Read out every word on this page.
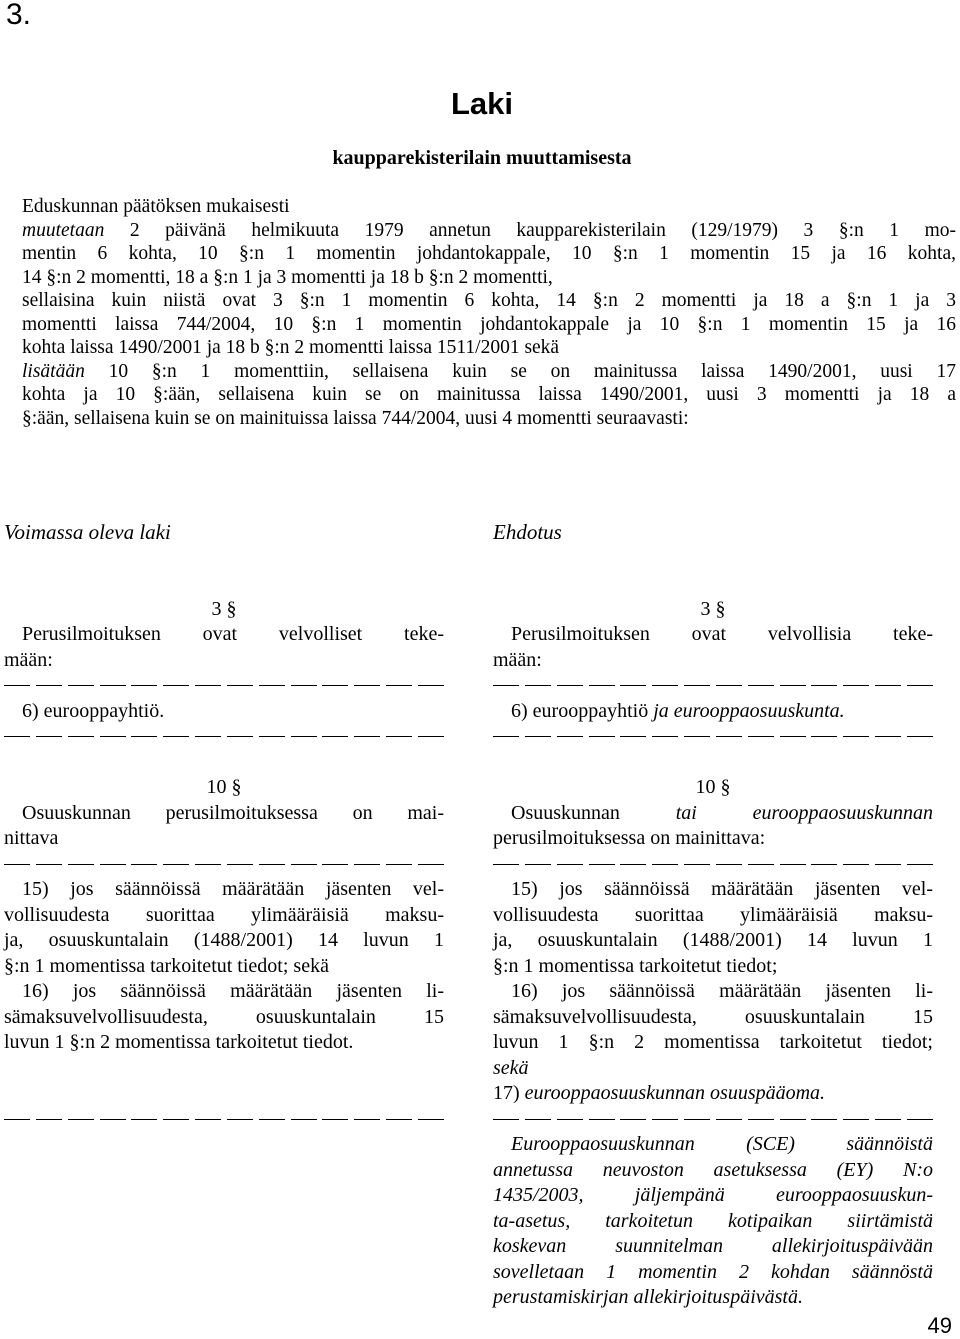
3.
Laki
kaupparekisterilain muuttamisesta
Eduskunnan päätöksen mukaisesti
muutetaan 2 päivänä helmikuuta 1979 annetun kaupparekisterilain (129/1979) 3 §:n 1 mo-
mentin 6 kohta, 10 §:n 1 momentin johdantokappale, 10 §:n 1 momentin 15 ja 16 kohta,
14 §:n 2 momentti, 18 a §:n 1 ja 3 momentti ja 18 b §:n 2 momentti,
sellaisina kuin niistä ovat 3 §:n 1 momentin 6 kohta, 14 §:n 2 momentti ja 18 a §:n 1 ja 3
momentti laissa 744/2004, 10 §:n 1 momentin johdantokappale ja 10 §:n 1 momentin 15 ja 16
kohta laissa 1490/2001 ja 18 b §:n 2 momentti laissa 1511/2001 sekä
lisätään 10 §:n 1 momenttiin, sellaisena kuin se on mainitussa laissa 1490/2001, uusi 17
kohta ja 10 §:ään, sellaisena kuin se on mainitussa laissa 1490/2001, uusi 3 momentti ja 18 a
§:ään, sellaisena kuin se on mainituissa laissa 744/2004, uusi 4 momentti seuraavasti:

Voimassa oleva laki

3 §

Perusilmoituksen ovat velvolliset teke-

mään:

6) eurooppayhtiö.

10 §

Osuuskunnan perusilmoituksessa on mai-

nittava

15) jos säännöissä määrätään jäsenten vel-

vollisuudesta suorittaa ylimääräisiä maksu-

ja, osuuskuntalain (1488/2001) 14 luvun 1

§:n 1 momentissa tarkoitetut tiedot; sekä

16) jos säännöissä määrätään jäsenten li-

sämaksuvelvollisuudesta, osuuskuntalain 15

luvun 1 §:n 2 momentissa tarkoitetut tiedot.

Ehdotus

3 §

Perusilmoituksen ovat velvollisia teke-

mään:

6) eurooppayhtiö ja eurooppaosuuskunta.

10 §

Osuuskunnan tai eurooppaosuuskunnan

perusilmoituksessa on mainittava:

15) jos säännöissä määrätään jäsenten vel-

vollisuudesta suorittaa ylimääräisiä maksu-

ja, osuuskuntalain (1488/2001) 14 luvun 1

§:n 1 momentissa tarkoitetut tiedot;

16) jos säännöissä määrätään jäsenten li-

sämaksuvelvollisuudesta, osuuskuntalain 15

luvun 1 §:n 2 momentissa tarkoitetut tiedot;

sekä

17) eurooppaosuuskunnan osuuspääoma.

Eurooppaosuuskunnan (SCE) säännöistä

annetussa neuvoston asetuksessa (EY) N:o

1435/2003, jäljempänä eurooppaosuuskun-

ta-asetus, tarkoitetun kotipaikan siirtämistä

koskevan suunnitelman allekirjoituspäivään

sovelletaan 1 momentin 2 kohdan säännöstä

perustamiskirjan allekirjoituspäivästä.

49
